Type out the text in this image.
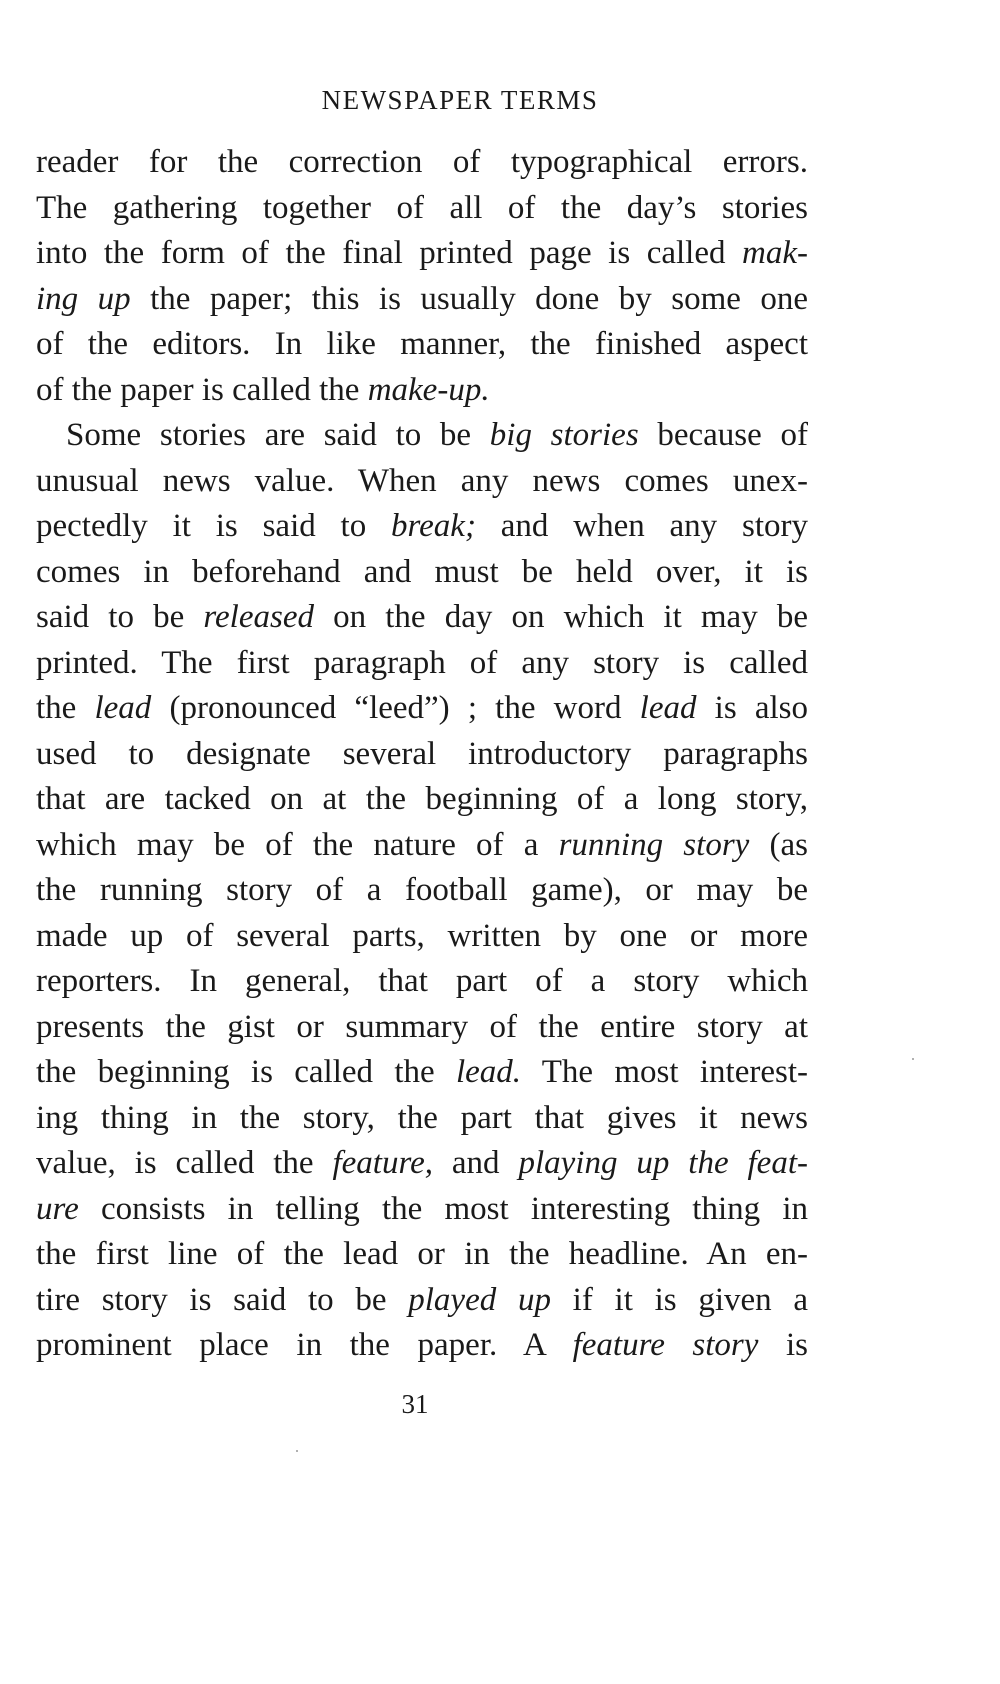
NEWSPAPER TERMS
reader for the correction of typographical errors.
The gathering together of all of the day’s stories
into the form of the final printed page is called mak-
ing up the paper; this is usually done by some one
of the editors. In like manner, the finished aspect
of the paper is called the make-up.
Some stories are said to be big stories because of
unusual news value. When any news comes unex-
pectedly it is said to break; and when any story
comes in beforehand and must be held over, it is
said to be released on the day on which it may be
printed. The first paragraph of any story is called
the lead (pronounced “leed”) ; the word lead is also
used to designate several introductory paragraphs
that are tacked on at the beginning of a long story,
which may be of the nature of a running story (as
the running story of a football game), or may be
made up of several parts, written by one or more
reporters. In general, that part of a story which
presents the gist or summary of the entire story at
the beginning is called the lead. The most interest-
ing thing in the story, the part that gives it news
value, is called the feature, and playing up the feat-
ure consists in telling the most interesting thing in
the first line of the lead or in the headline. An en-
tire story is said to be played up if it is given a
prominent place in the paper. A feature story is
31
